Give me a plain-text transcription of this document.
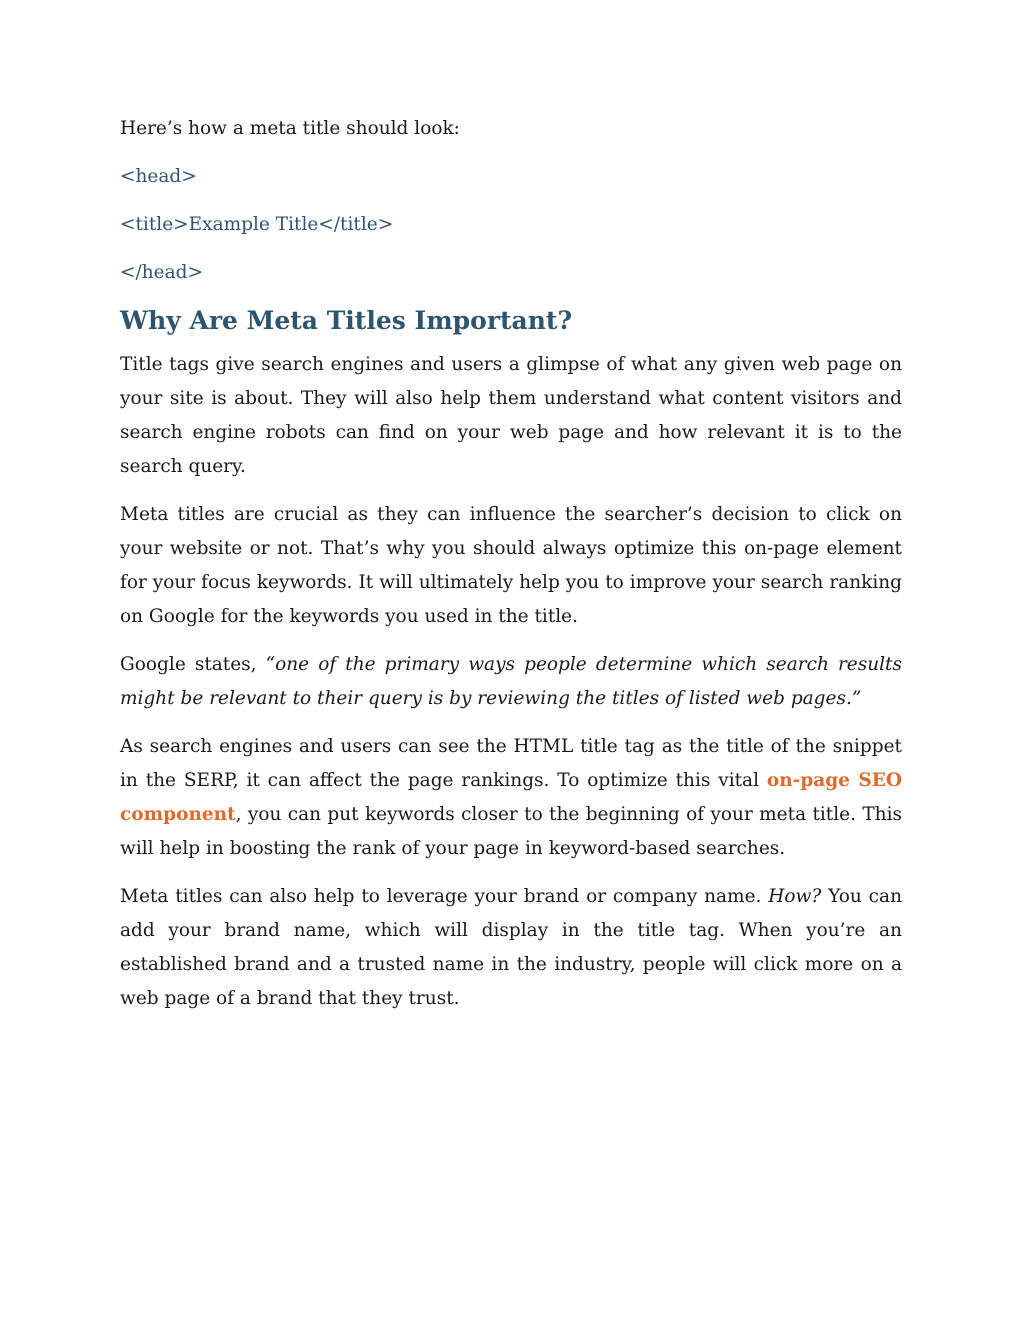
Here’s how a meta title should look:

<head>
<title>Example Title</title>
</head>
Why Are Meta Titles Important?

Title tags give search engines and users a glimpse of what any given web page on your site is about. They will also help them understand what content visitors and search engine robots can find on your web page and how relevant it is to the search query.

Meta titles are crucial as they can influence the searcher’s decision to click on your website or not. That’s why you should always optimize this on-page element for your focus keywords. It will ultimately help you to improve your search ranking on Google for the keywords you used in the title.

Google states, “one of the primary ways people determine which search results might be relevant to their query is by reviewing the titles of listed web pages.”

As search engines and users can see the HTML title tag as the title of the snippet in the SERP, it can affect the page rankings. To optimize this vital on-page SEO component, you can put keywords closer to the beginning of your meta title. This will help in boosting the rank of your page in keyword-based searches.

Meta titles can also help to leverage your brand or company name. How? You can add your brand name, which will display in the title tag. When you’re an established brand and a trusted name in the industry, people will click more on a web page of a brand that they trust.
